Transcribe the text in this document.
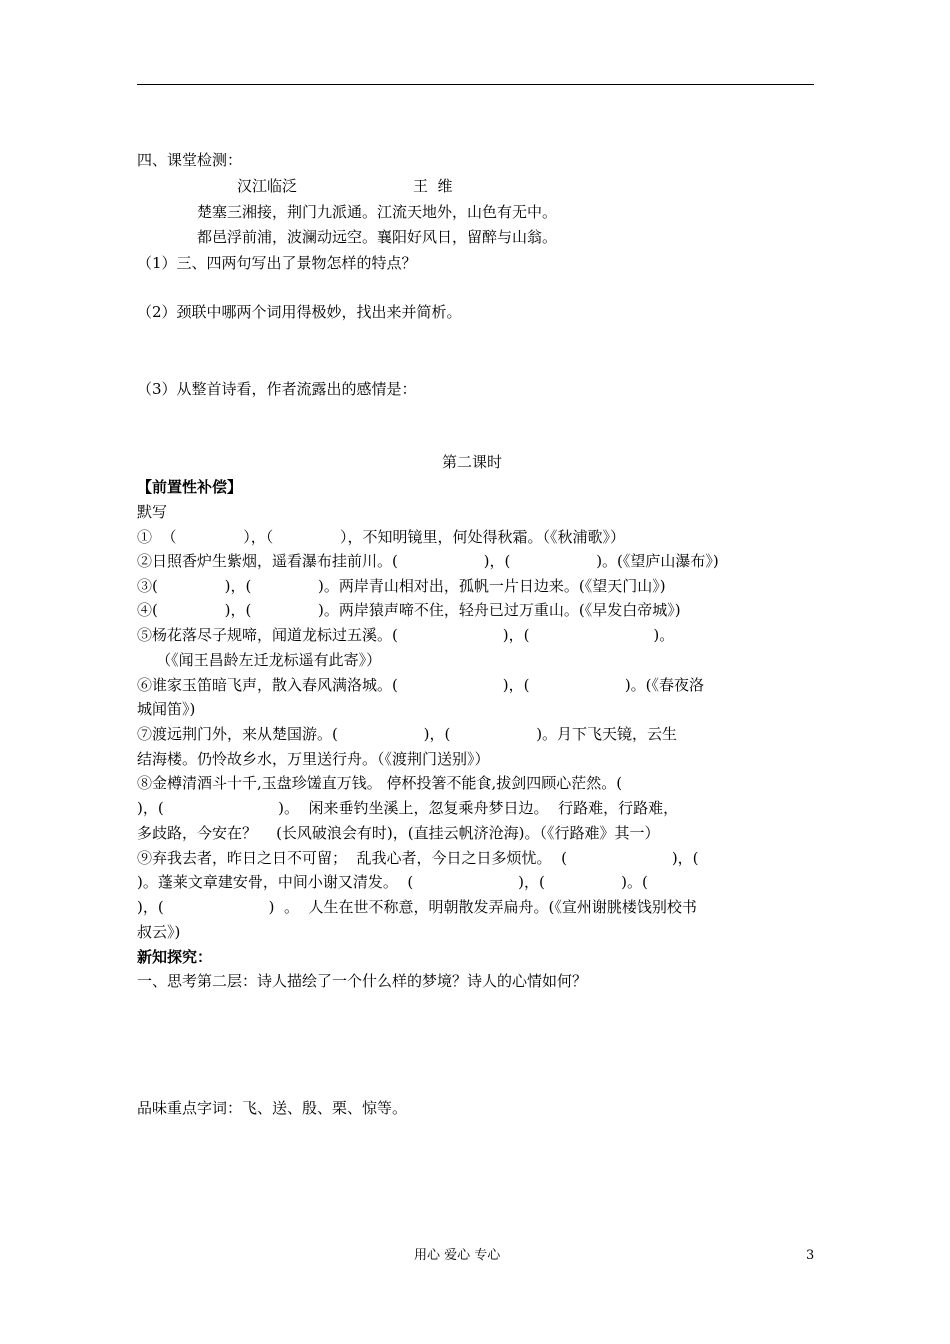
四、课堂检测：
汉江临泛	王  维
楚塞三湘接，荆门九派通。江流天地外，山色有无中。
都邑浮前浦，波澜动远空。襄阳好风日，留醉与山翁。
（1）三、四两句写出了景物怎样的特点？
（2）颈联中哪两个词用得极妙，找出来并简析。
（3）从整首诗看，作者流露出的感情是：
第二课时
【前置性补偿】
默写
①  （              ），（              ），不知明镜里，何处得秋霜。（《秋浦歌》）
②日照香炉生紫烟，遥看瀑布挂前川。(                  )，(                  )。(《望庐山瀑布》)
③(              )，(              )。两岸青山相对出，孤帆一片日边来。(《望天门山》)
④(              )，(              )。两岸猿声啼不住，轻舟已过万重山。(《早发白帝城》)
⑤杨花落尽子规啼，闻道龙标过五溪。(                      )，(                          )。
（《闻王昌龄左迁龙标遥有此寄》）
⑥谁家玉笛暗飞声，散入春风满洛城。(                      )，(                    )。(《春夜洛
城闻笛》)
⑦渡远荆门外，来从楚国游。(                  )，(                  )。月下飞天镜，云生
结海楼。仍怜故乡水，万里送行舟。（《渡荆门送别》）
⑧金樽清酒斗十千,玉盘珍馐直万钱。 停杯投箸不能食,拔剑四顾心茫然。(
)，(                        )。  闲来垂钓坐溪上，忽复乘舟梦日边。  行路难，行路难，
多歧路，今安在？    (长风破浪会有时)，(直挂云帆济沧海)。（《行路难》其一）
⑨弃我去者，昨日之日不可留；  乱我心者，今日之日多烦忧。  (                      )，(
)。蓬莱文章建安骨，中间小谢又清发。  (                      )，(                )。(
)，(                      )  。  人生在世不称意，明朝散发弄扁舟。(《宣州谢朓楼饯别校书
叔云》)
新知探究：
一、思考第二层：诗人描绘了一个什么样的梦境？诗人的心情如何？
品味重点字词：飞、送、殷、栗、惊等。
用心 爱心 专心	3
